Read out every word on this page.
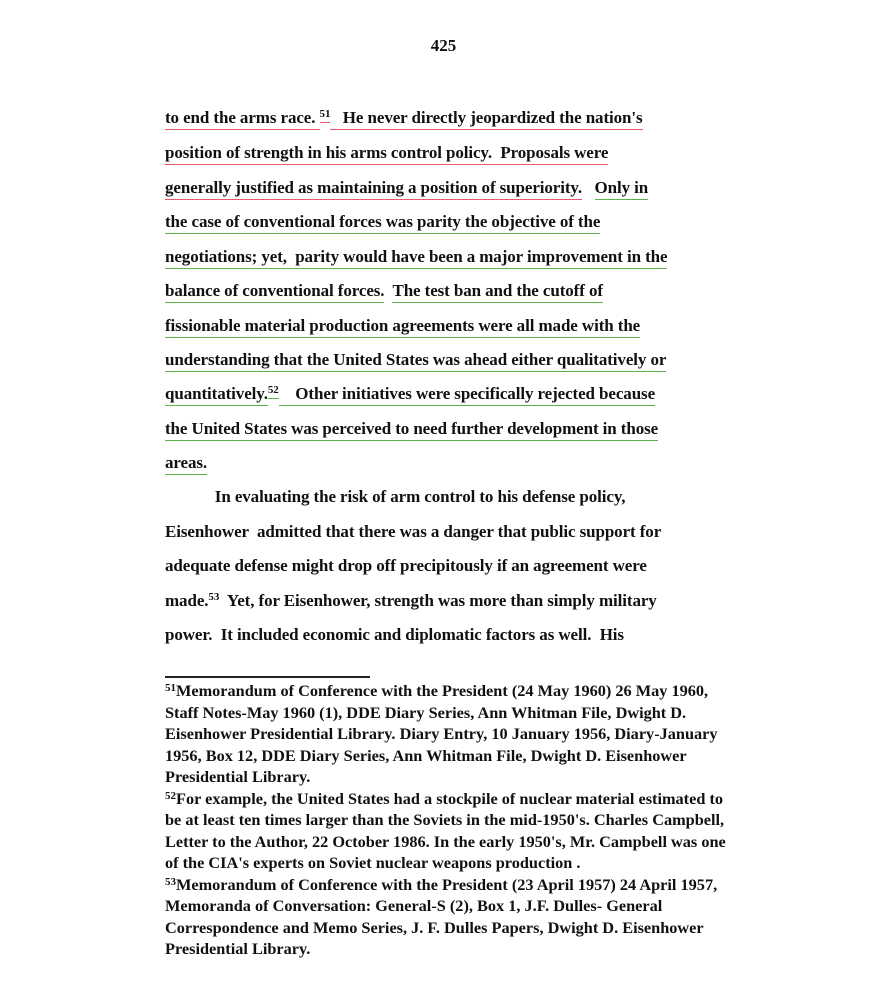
425
to end the arms race. $^{51}$   He never directly jeopardized the nation's
position of strength in his arms control policy.  Proposals were
generally justified as maintaining a position of superiority. Only in
the case of conventional forces was parity the objective of the
negotiations; yet,  parity would have been a major improvement in the
balance of conventional forces. The test ban and the cutoff of
fissionable material production agreements were all made with the
understanding that the United States was ahead either qualitatively or
quantitatively.$^{52}$    Other initiatives were specifically rejected because
the United States was perceived to need further development in those
areas.
In evaluating the risk of arm control to his defense policy,
Eisenhower  admitted that there was a danger that public support for
adequate defense might drop off precipitously if an agreement were
made.$^{53}$  Yet, for Eisenhower, strength was more than simply military
power.  It included economic and diplomatic factors as well.  His

$^{51}$Memorandum of Conference with the President (24 May 1960) 26 May 1960, Staff Notes-May 1960 (1), DDE Diary Series, Ann Whitman File, Dwight D. Eisenhower Presidential Library. Diary Entry, 10 January 1956, Diary-January 1956, Box 12, DDE Diary Series, Ann Whitman File, Dwight D. Eisenhower Presidential Library.

$^{52}$For example, the United States had a stockpile of nuclear material estimated to be at least ten times larger than the Soviets in the mid-1950's. Charles Campbell, Letter to the Author, 22 October 1986. In the early 1950's, Mr. Campbell was one of the CIA's experts on Soviet nuclear weapons production .

$^{53}$Memorandum of Conference with the President (23 April 1957) 24 April 1957, Memoranda of Conversation: General-S (2), Box 1, J.F. Dulles- General Correspondence and Memo Series, J. F. Dulles Papers, Dwight D. Eisenhower Presidential Library.
